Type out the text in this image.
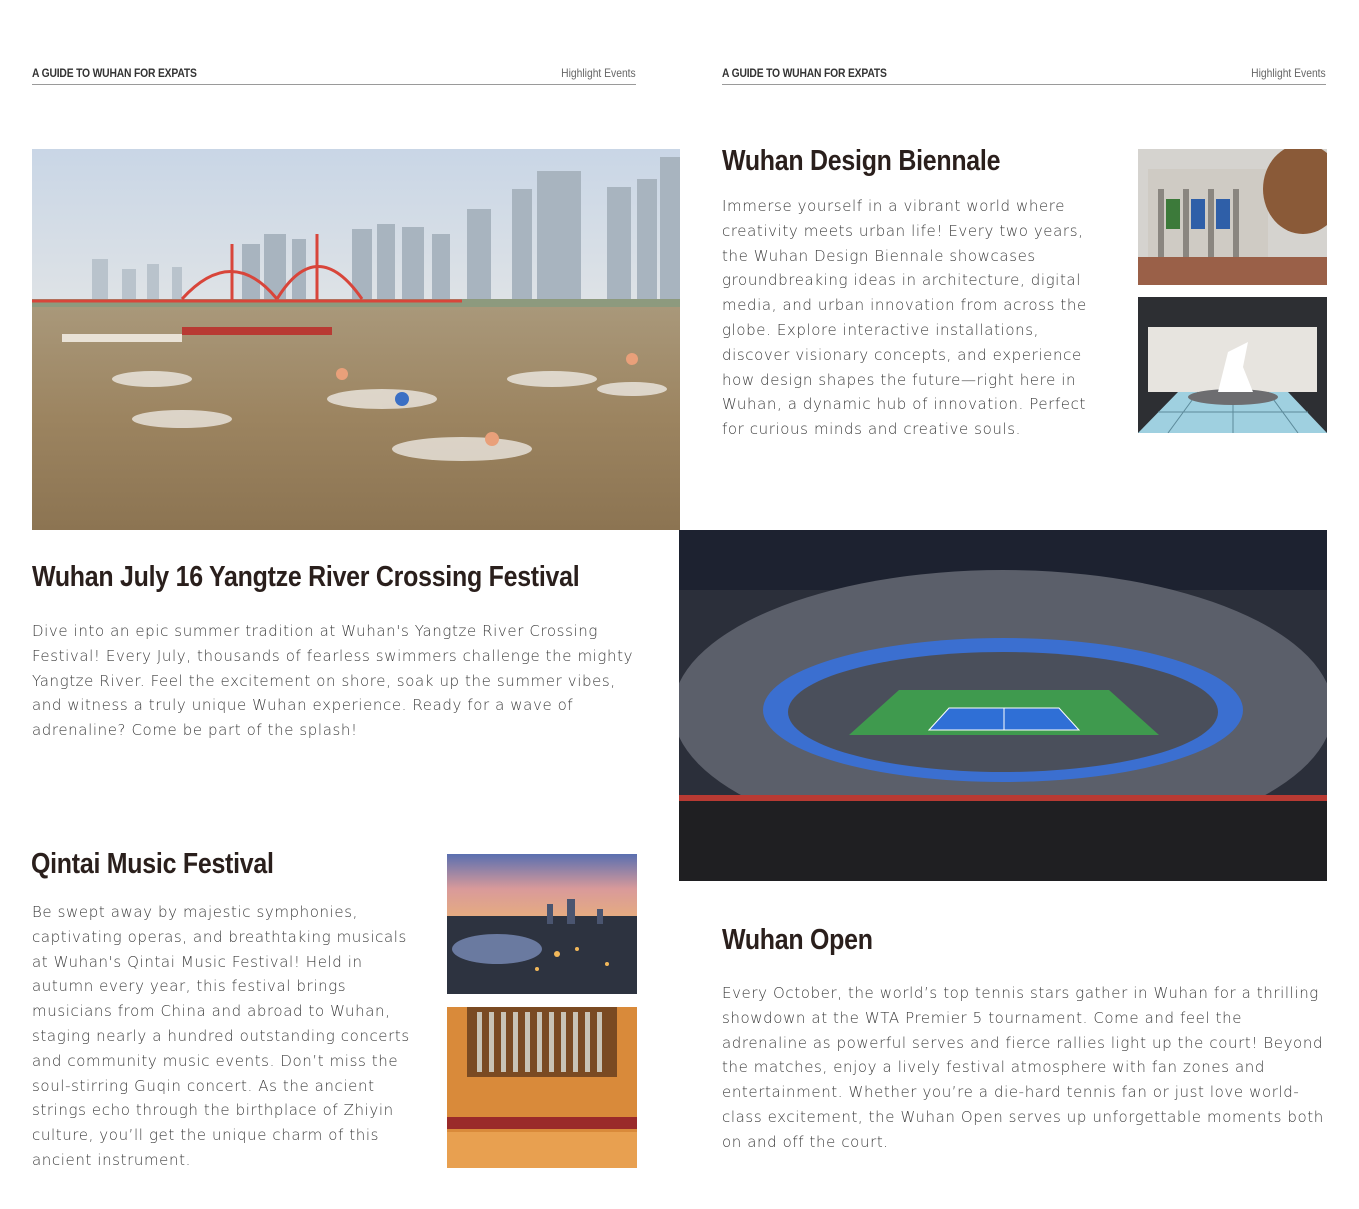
A GUIDE TO WUHAN FOR EXPATS	Highlight Events	A GUIDE TO WUHAN FOR EXPATS	Highlight Events
Wuhan July 16 Yangtze River Crossing Festival

Dive into an epic summer tradition at Wuhan's Yangtze River Crossing Festival! Every July, thousands of fearless swimmers challenge the mighty Yangtze River. Feel the excitement on shore, soak up the summer vibes, and witness a truly unique Wuhan experience. Ready for a wave of adrenaline? Come be part of the splash!

Qintai Music Festival

Be swept away by majestic symphonies, captivating operas, and breathtaking musicals at Wuhan's Qintai Music Festival! Held in autumn every year, this festival brings musicians from China and abroad to Wuhan, staging nearly a hundred outstanding concerts and community music events. Don’t miss the soul-stirring Guqin concert. As the ancient strings echo through the birthplace of Zhiyin culture, you’ll get the unique charm of this ancient instrument.

Wuhan Design Biennale

Immerse yourself in a vibrant world where creativity meets urban life! Every two years, the Wuhan Design Biennale showcases groundbreaking ideas in architecture, digital media, and urban innovation from across the globe. Explore interactive installations, discover visionary concepts, and experience how design shapes the future—right here in Wuhan, a dynamic hub of innovation. Perfect for curious minds and creative souls.

Wuhan Open

Every October, the world’s top tennis stars gather in Wuhan for a thrilling showdown at the WTA Premier 5 tournament. Come and feel the adrenaline as powerful serves and fierce rallies light up the court! Beyond the matches, enjoy a lively festival atmosphere with fan zones and entertainment. Whether you’re a die-hard tennis fan or just love world-class excitement, the Wuhan Open serves up unforgettable moments both on and off the court.
